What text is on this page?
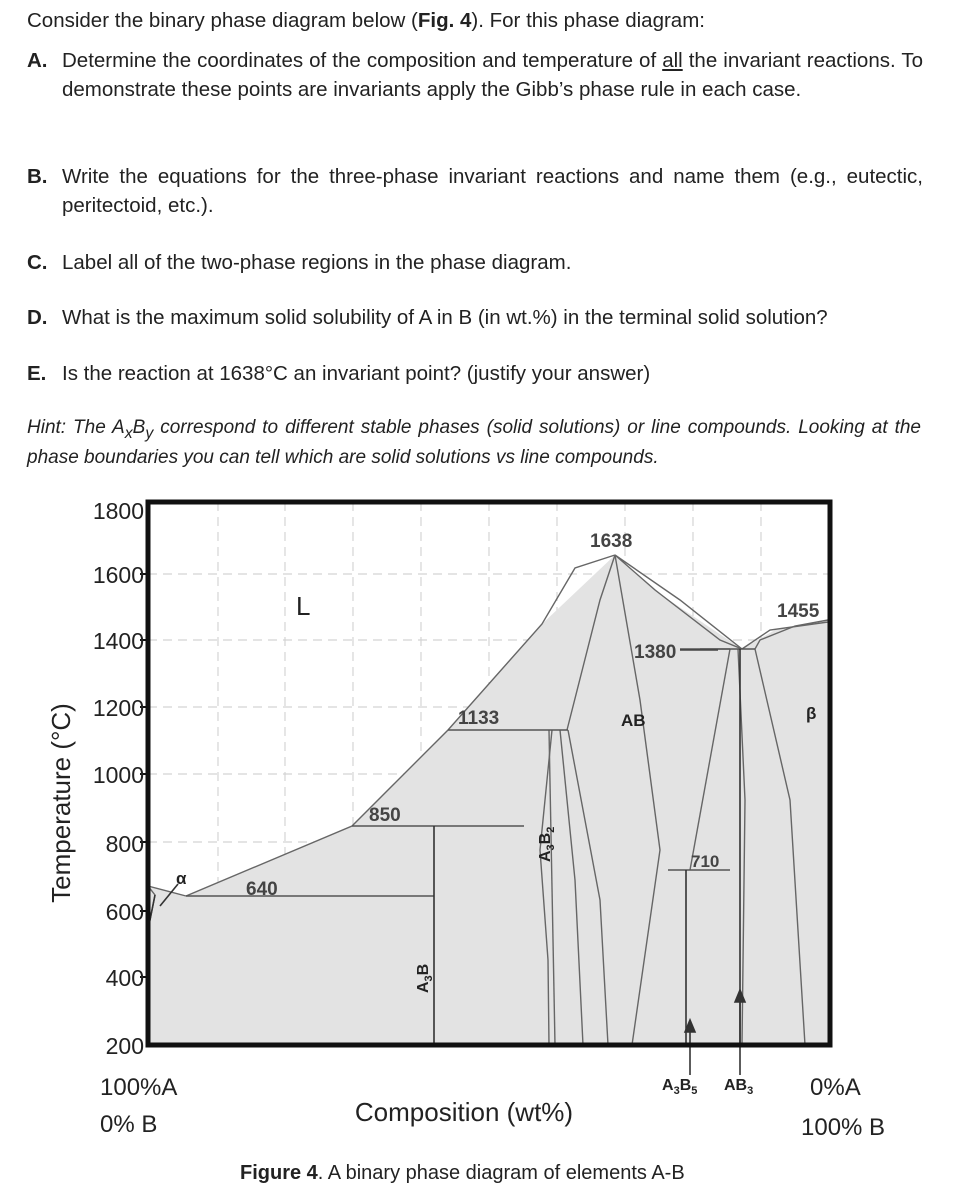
Consider the binary phase diagram below (Fig. 4). For this phase diagram:
A. Determine the coordinates of the composition and temperature of all the invariant reactions. To demonstrate these points are invariants apply the Gibb’s phase rule in each case.
B. Write the equations for the three-phase invariant reactions and name them (e.g., eutectic, peritectoid, etc.).
C. Label all of the two-phase regions in the phase diagram.
D. What is the maximum solid solubility of A in B (in wt.%) in the terminal solid solution?
E. Is the reaction at 1638°C an invariant point? (justify your answer)
Hint: The $A_xB_y$ correspond to different stable phases (solid solutions) or line compounds. Looking at the phase boundaries you can tell which are solid solutions vs line compounds.
1800
1600
1400
1200
1000
800
600
400
200
Temperature (°C)
Composition (wt%)
100%A
0% B
0%A
100% B
1638
1455
1380
1133
850
710
640
L
α
AB	β
$A_3B$
$A_3B_2$
$A_3B_5$ $AB_3$
Figure 4. A binary phase diagram of elements A-B
